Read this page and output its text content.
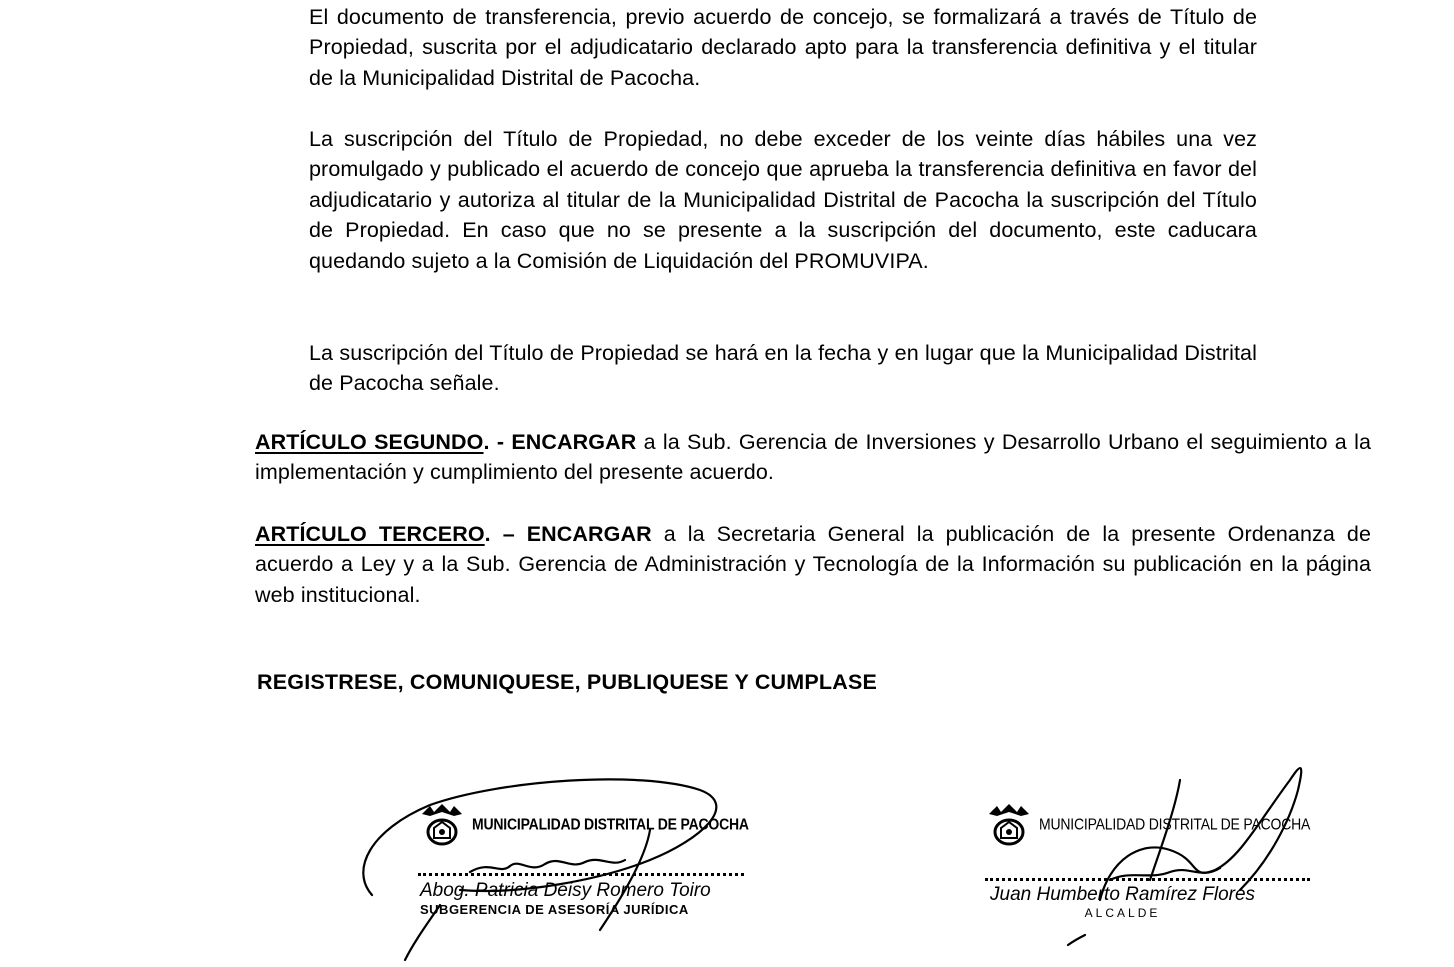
El documento de transferencia, previo acuerdo de concejo, se formalizará a través de Título de Propiedad, suscrita por el adjudicatario declarado apto para la transferencia definitiva y el titular de la Municipalidad Distrital de Pacocha.

La suscripción del Título de Propiedad, no debe exceder de los veinte días hábiles una vez promulgado y publicado el acuerdo de concejo que aprueba la transferencia definitiva en favor del adjudicatario y autoriza al titular de la Municipalidad Distrital de Pacocha la suscripción del Título de Propiedad. En caso que no se presente a la suscripción del documento, este caducara quedando sujeto a la Comisión de Liquidación del PROMUVIPA.

La suscripción del Título de Propiedad se hará en la fecha y en lugar que la Municipalidad Distrital de Pacocha señale.

ARTÍCULO SEGUNDO. - ENCARGAR a la Sub. Gerencia de Inversiones y Desarrollo Urbano el seguimiento a la implementación y cumplimiento del presente acuerdo.

ARTÍCULO TERCERO. – ENCARGAR a la Secretaria General la publicación de la presente Ordenanza de acuerdo a Ley y a la Sub. Gerencia de Administración y Tecnología de la Información su publicación en la página web institucional.

REGISTRESE, COMUNIQUESE, PUBLIQUESE Y CUMPLASE

MUNICIPALIDAD DISTRITAL DE PACOCHA
Abog. Patricia Deisy Romero Toiro
SUBGERENCIA DE ASESORÍA JURÍDICA
MUNICIPALIDAD DISTRITAL DE PACOCHA
Juan Humberto Ramírez Flores
ALCALDE
